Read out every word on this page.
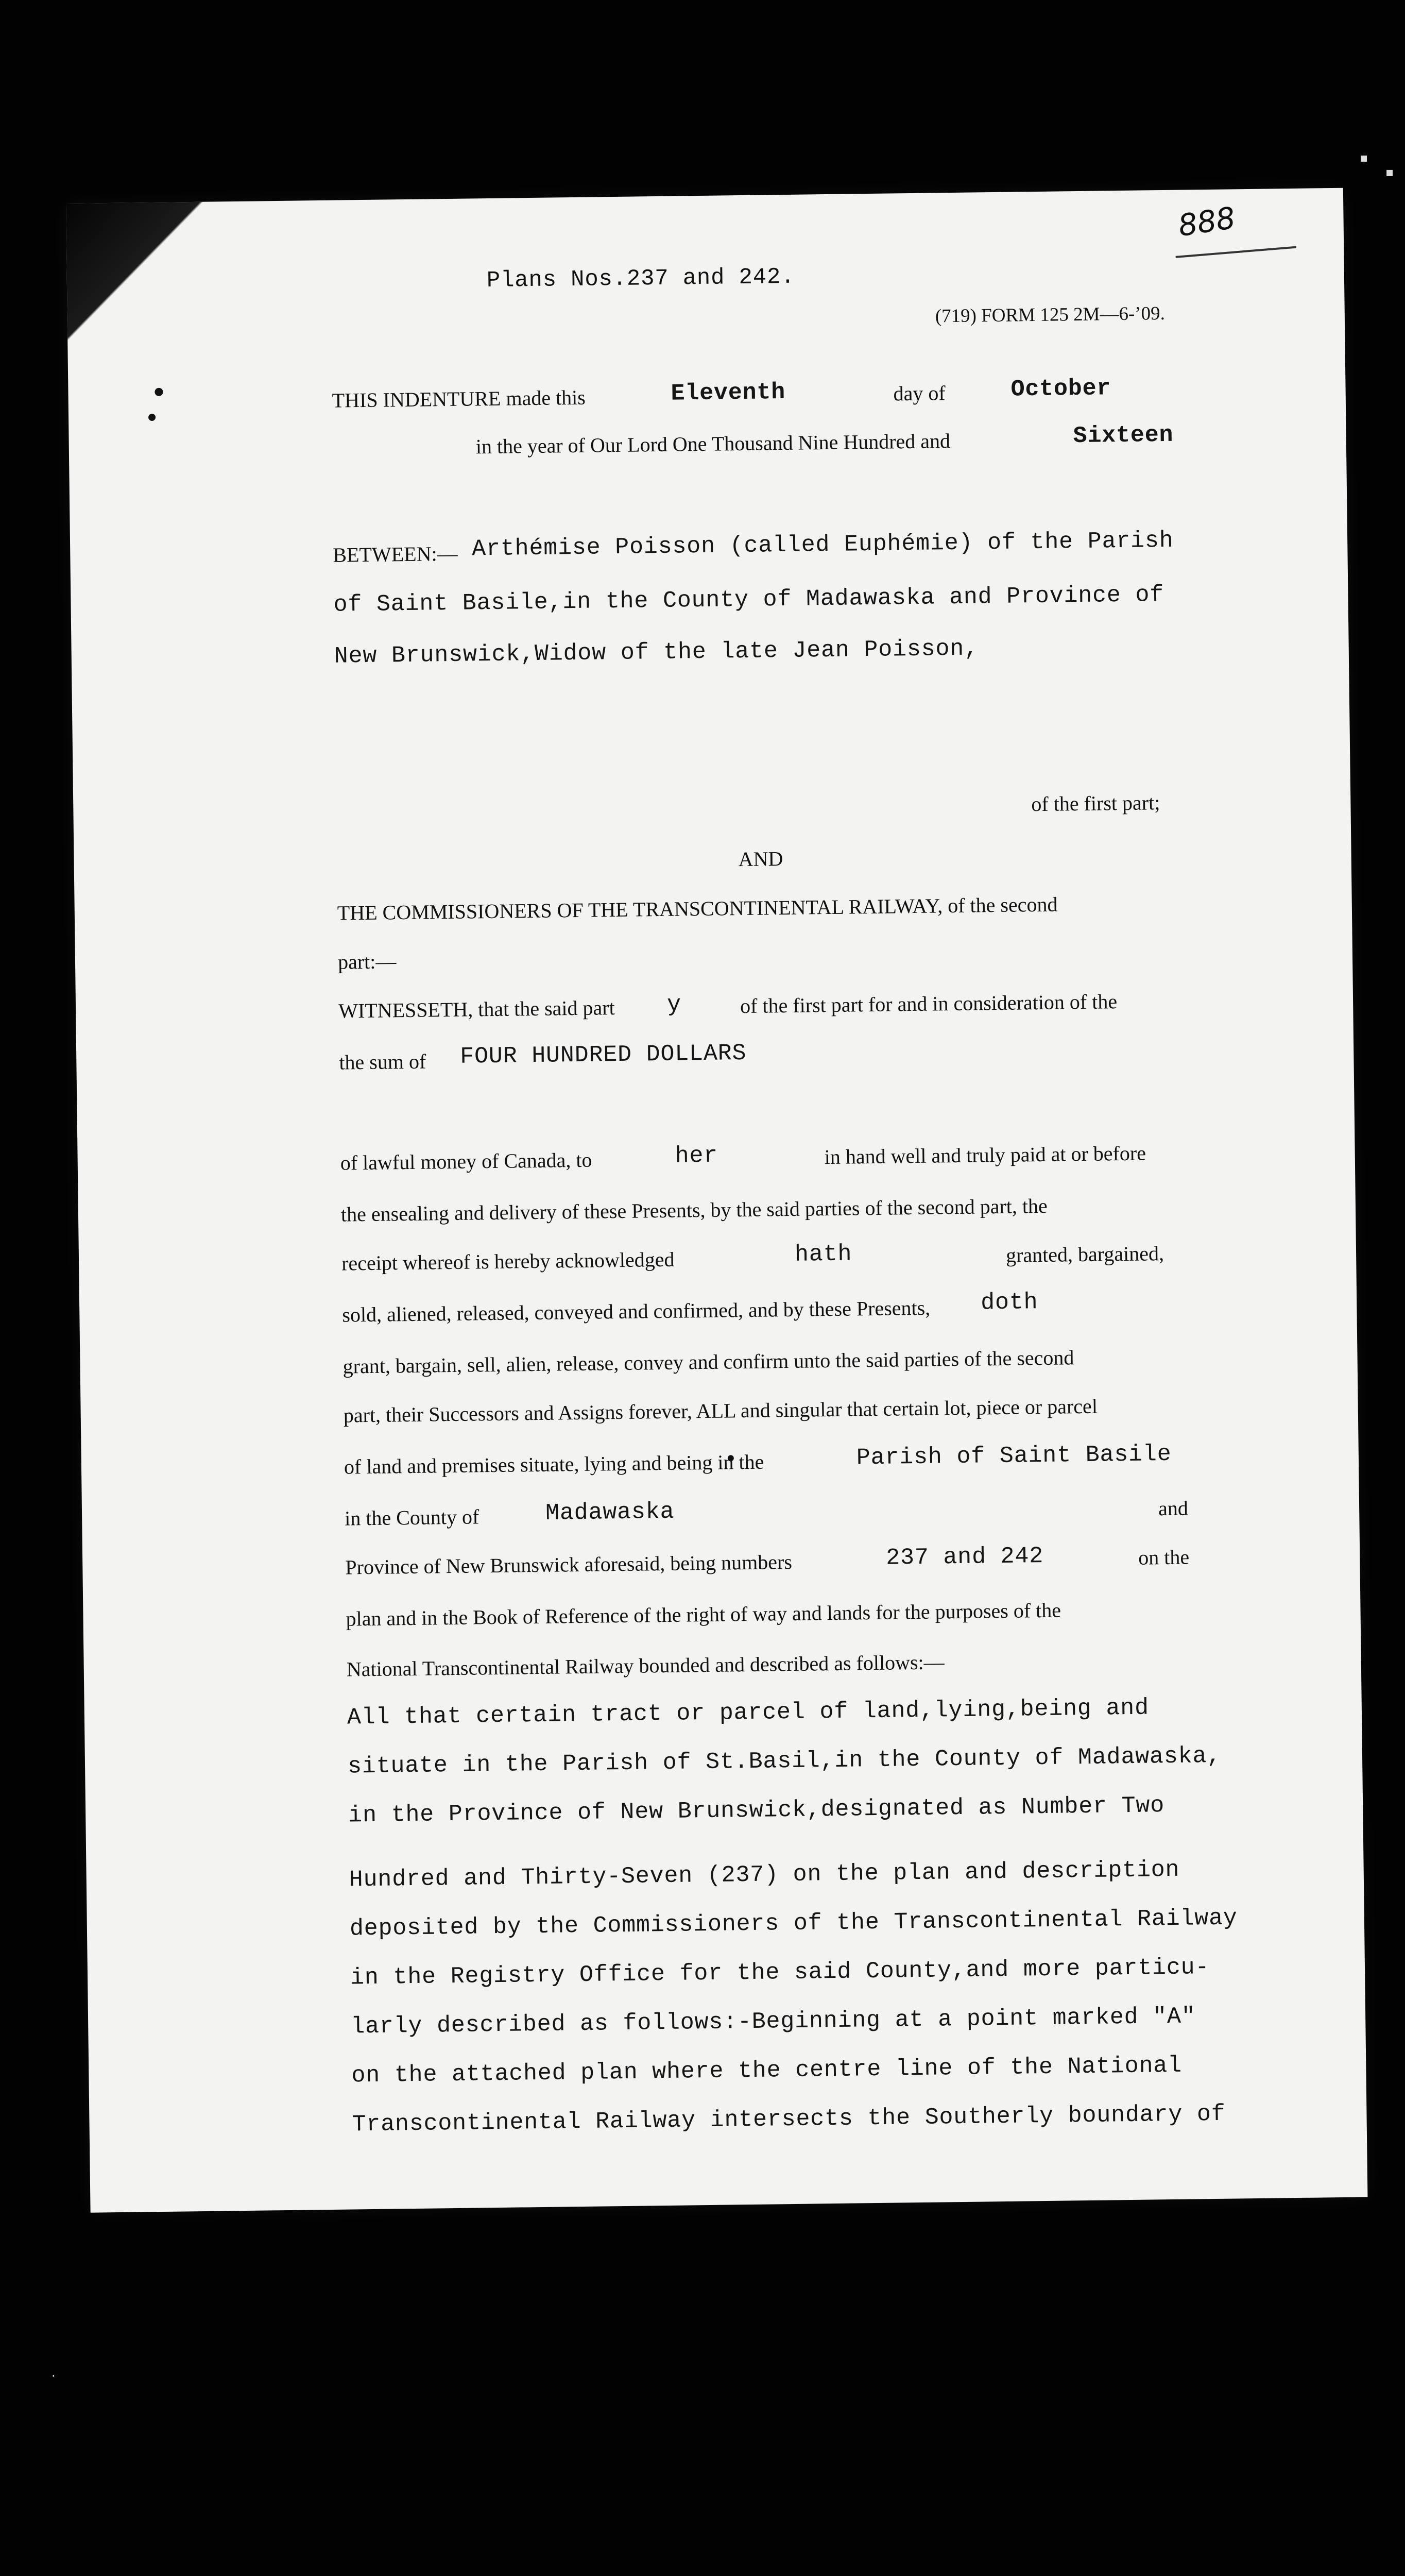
▪
▪
·
888
Plans Nos.237 and 242.
(719) FORM 125 2M—6-’09.
THIS INDENTURE made this	Eleventh	day of	October
in the year of Our Lord One Thousand Nine Hundred and	Sixteen
BETWEEN:— Arthémise Poisson (called Euphémie) of the Parish
of Saint Basile,in the County of Madawaska and Province of
New Brunswick,Widow of the late Jean Poisson,
of the first part;
AND
THE COMMISSIONERS OF THE TRANSCONTINENTAL RAILWAY, of the second
part:—
WITNESSETH, that the said part y	of the first part for and in consideration of the
the sum of FOUR HUNDRED DOLLARS
of lawful money of Canada, to	her	in hand well and truly paid at or before
the ensealing and delivery of these Presents, by the said parties of the second part, the
receipt whereof is hereby acknowledged	hath	granted, bargained,
sold, aliened, released, conveyed and confirmed, and by these Presents, doth
grant, bargain, sell, alien, release, convey and confirm unto the said parties of the second
part, their Successors and Assigns forever, ALL and singular that certain lot, piece or parcel
of land and premises situate, lying and being in the	Parish of Saint Basile
in the County of	Madawaska	and
Province of New Brunswick aforesaid, being numbers	237 and 242	on the
plan and in the Book of Reference of the right of way and lands for the purposes of the
National Transcontinental Railway bounded and described as follows:—
All that certain tract or parcel of land,lying,being and
situate in the Parish of St.Basil,in the County of Madawaska,
in the Province of New Brunswick,designated as Number Two
Hundred and Thirty-Seven (237) on the plan and description
deposited by the Commissioners of the Transcontinental Railway
in the Registry Office for the said County,and more particu-
larly described as follows:-Beginning at a point marked "A"
on the attached plan where the centre line of the National
Transcontinental Railway intersects the Southerly boundary of
